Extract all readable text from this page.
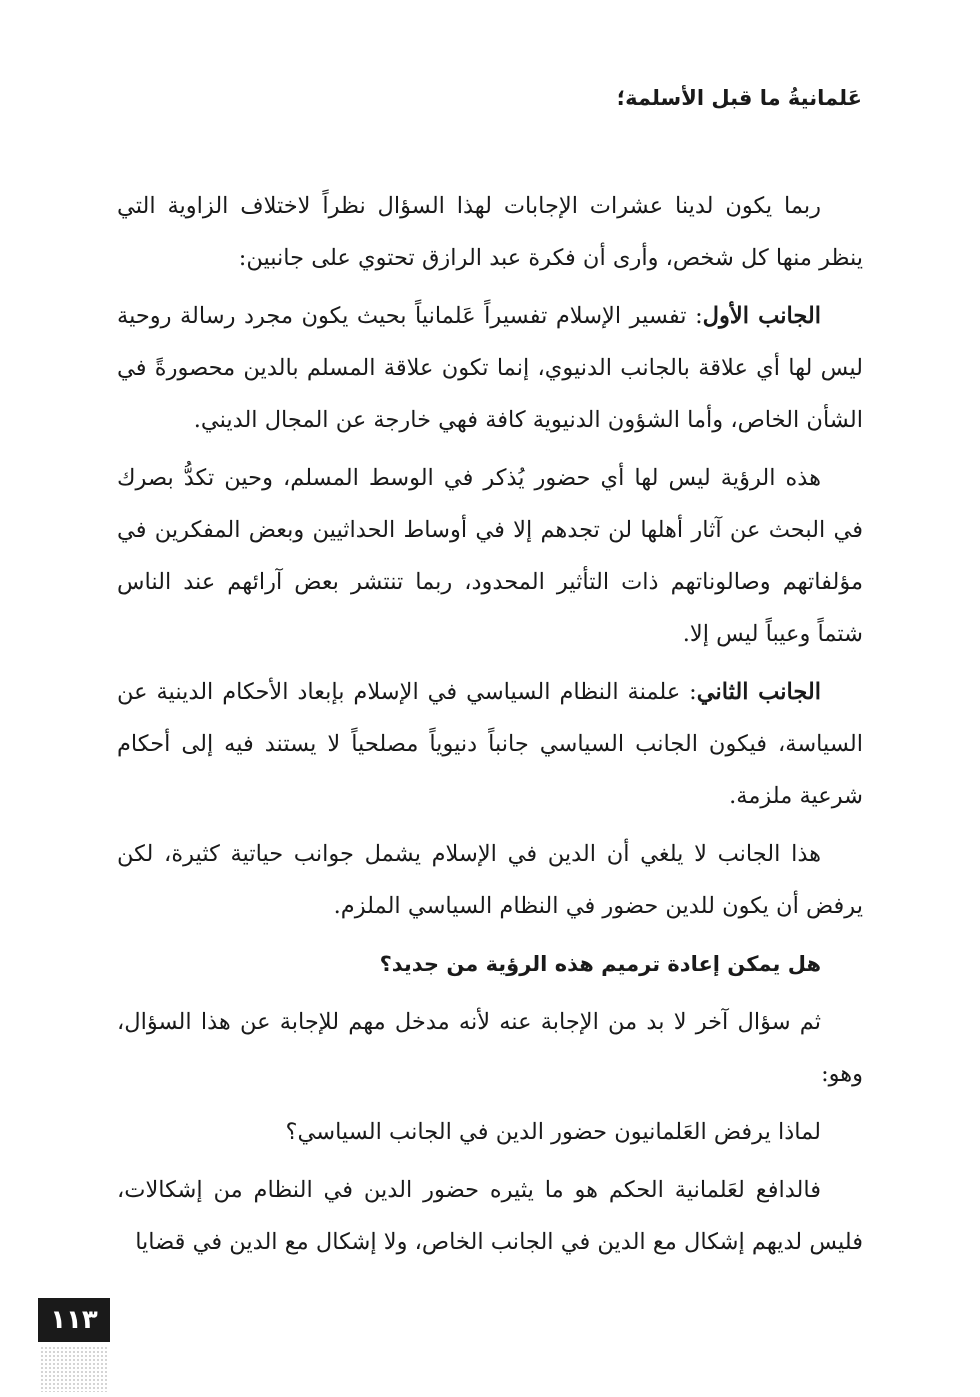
عَلمانيةُ ما قبل الأسلمة؛

ربما يكون لدينا عشرات الإجابات لهذا السؤال نظراً لاختلاف الزاوية التي ينظر منها كل شخص، وأرى أن فكرة عبد الرازق تحتوي على جانبين:

الجانب الأول: تفسير الإسلام تفسيراً عَلمانياً بحيث يكون مجرد رسالة روحية ليس لها أي علاقة بالجانب الدنيوي، إنما تكون علاقة المسلم بالدين محصورةً في الشأن الخاص، وأما الشؤون الدنيوية كافة فهي خارجة عن المجال الديني.

هذه الرؤية ليس لها أي حضور يُذكر في الوسط المسلم، وحين تكدُّ بصرك في البحث عن آثار أهلها لن تجدهم إلا في أوساط الحداثيين وبعض المفكرين في مؤلفاتهم وصالوناتهم ذات التأثير المحدود، ربما تنتشر بعض آرائهم عند الناس شتماً وعيباً ليس إلا.

الجانب الثاني: علمنة النظام السياسي في الإسلام بإبعاد الأحكام الدينية عن السياسة، فيكون الجانب السياسي جانباً دنيوياً مصلحياً لا يستند فيه إلى أحكام شرعية ملزمة.

هذا الجانب لا يلغي أن الدين في الإسلام يشمل جوانب حياتية كثيرة، لكن يرفض أن يكون للدين حضور في النظام السياسي الملزم.

هل يمكن إعادة ترميم هذه الرؤية من جديد؟

ثم سؤال آخر لا بد من الإجابة عنه لأنه مدخل مهم للإجابة عن هذا السؤال، وهو:

لماذا يرفض العَلمانيون حضور الدين في الجانب السياسي؟

فالدافع لعَلمانية الحكم هو ما يثيره حضور الدين في النظام من إشكالات، فليس لديهم إشكال مع الدين في الجانب الخاص، ولا إشكال مع الدين في قضايا

١١٣
